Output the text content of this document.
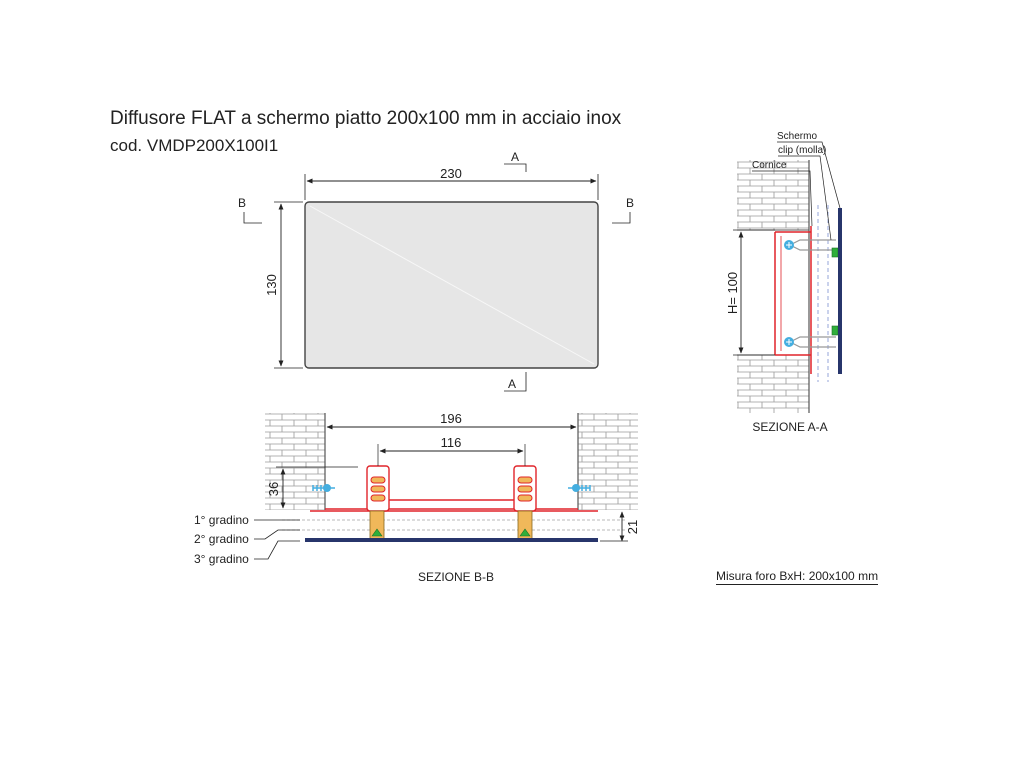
Diffusore FLAT a schermo piatto 200x100 mm in acciaio inox
cod. VMDP200X100I1
Misura foro BxH: 200x100 mm
230
130
A
A
B	B
196
116
36
21
1° gradino
2° gradino
3° gradino
SEZIONE B-B
H= 100
Schermo
clip (molla)
Cornice
SEZIONE A-A
